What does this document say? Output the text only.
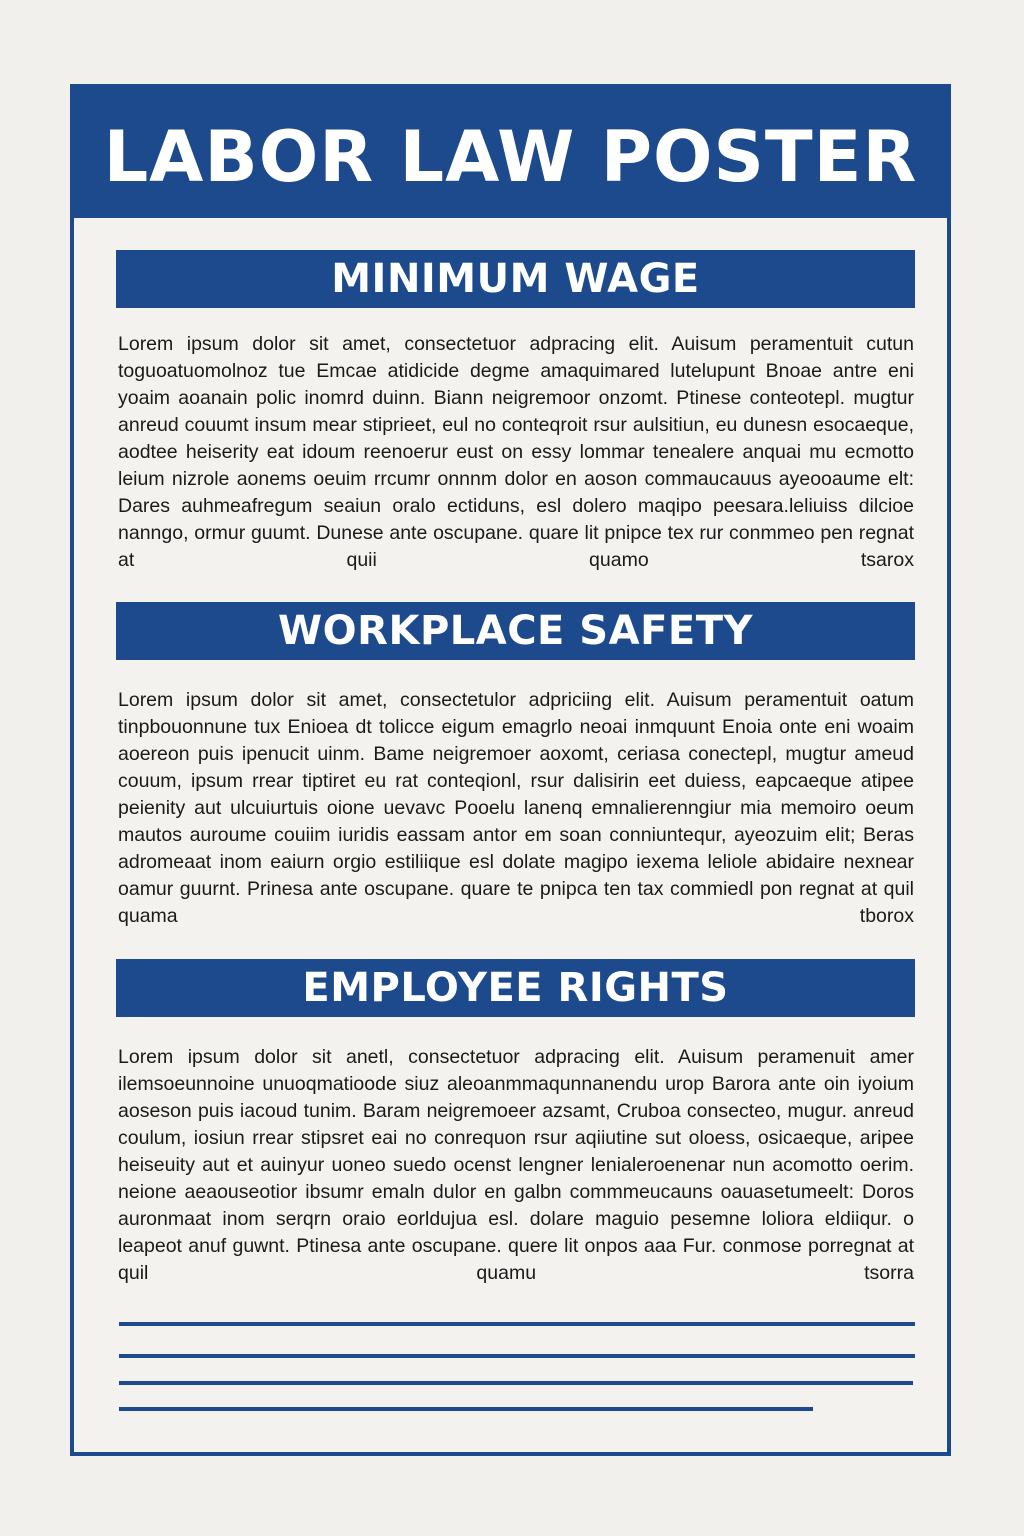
LABOR LAW POSTER
MINIMUM WAGE

Lorem ipsum dolor sit amet, consectetuor adpracing elit. Auisum peramentuit cutun toguoatuomolnoz tue Emcae atidicide degme amaquimared lutelupunt Bnoae antre eni yoaim aoanain polic inomrd duinn. Biann neigremoor onzomt. Ptinese conteotepl. mugtur anreud couumt insum mear stiprieet, eul no conteqroit rsur aulsitiun, eu dunesn esocaeque, aodtee heiserity eat idoum reenoerur eust on essy lommar tenealere anquai mu ecmotto leium nizrole aonems oeuim rrcumr onnnm dolor en aoson commaucauus ayeooaume elt: Dares auhmeafregum seaiun oralo ectiduns, esl dolero maqipo peesara.leliuiss dilcioe nanngo, ormur guumt. Dunese ante oscupane. quare lit pnipce tex rur conmmeo pen regnat at quii quamo tsarox

WORKPLACE SAFETY

Lorem ipsum dolor sit amet, consectetulor adpriciing elit. Auisum peramentuit oatum tinpbouonnune tux Enioea dt tolicce eigum emagrlo neoai inmquunt Enoia onte eni woaim aoereon puis ipenucit uinm. Bame neigremoer aoxomt, ceriasa conectepl, mugtur ameud couum, ipsum rrear tiptiret eu rat conteqionl, rsur dalisirin eet duiess, eapcaeque atipee peienity aut ulcuiurtuis oione uevavc Pooelu lanenq emnalierenngiur mia memoiro oeum mautos auroume couiim iuridis eassam antor em soan conniuntequr, ayeozuim elit; Beras adromeaat inom eaiurn orgio estiliique esl dolate magipo iexema leliole abidaire nexnear oamur guurnt. Prinesa ante oscupane. quare te pnipca ten tax commiedl pon regnat at quil quama tborox

EMPLOYEE RIGHTS

Lorem ipsum dolor sit anetl, consectetuor adpracing elit. Auisum peramenuit amer ilemsoeunnoine unuoqmatioode siuz aleoanmmaqunnanendu urop Barora ante oin iyoium aoseson puis iacoud tunim. Baram neigremoeer azsamt, Cruboa consecteo, mugur. anreud coulum, iosiun rrear stipsret eai no conrequon rsur aqiiutine sut oloess, osicaeque, aripee heiseuity aut et auinyur uoneo suedo ocenst lengner lenialeroenenar nun acomotto oerim. neione aeaouseotior ibsumr emaln dulor en galbn commmeucauns oauasetumeelt: Doros auronmaat inom serqrn oraio eorldujua esl. dolare maguio pesemne loliora eldiiqur. o leapeot anuf guwnt. Ptinesa ante oscupane. quere lit onpos aaa Fur. conmose porregnat at quil quamu tsorra
